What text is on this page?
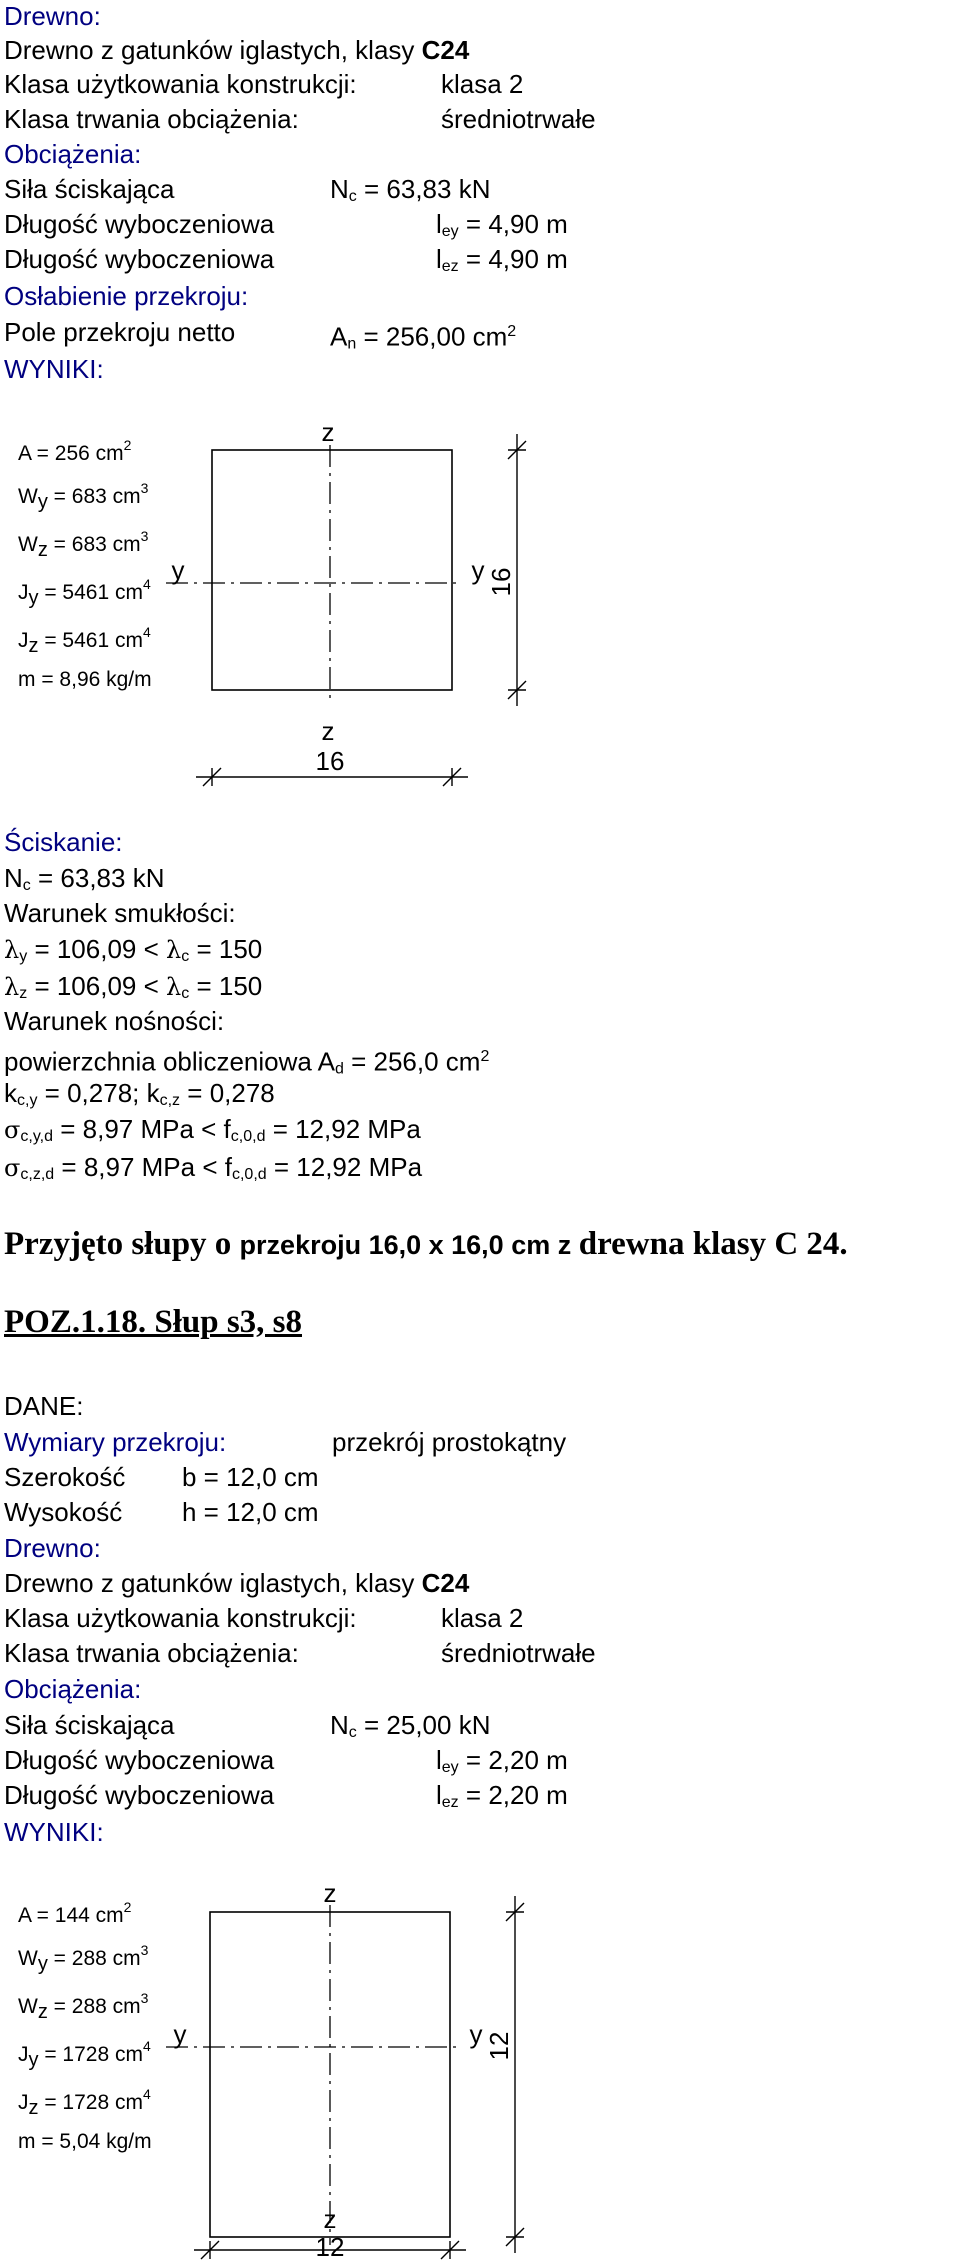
Drewno:
Drewno z gatunków iglastych, klasy C24
Klasa użytkowania konstrukcji:	klasa 2
Klasa trwania obciążenia:	średniotrwałe
Obciążenia:
Siła ściskająca	Nc = 63,83 kN
Długość wyboczeniowa	ley = 4,90 m
Długość wyboczeniowa	lez = 4,90 m
Osłabienie przekroju:
Pole przekroju netto	An = 256,00 $cm^2$
WYNIKI:
A = 256 $cm^2$
Wy = 683 $cm^3$
Wz = 683 $cm^3$
Jy = 5461 $cm^4$
Jz = 5461 $cm^4$
m = 8,96 kg/m
z
z
y	y
16
16
Ściskanie:
Nc = 63,83 kN
Warunek smukłości:
λy = 106,09 < λc = 150
λz = 106,09 < λc = 150
Warunek nośności:
powierzchnia obliczeniowa Ad = 256,0 $cm^2$
kc,y = 0,278; kc,z = 0,278
σc,y,d = 8,97 MPa < fc,0,d = 12,92 MPa
σc,z,d = 8,97 MPa < fc,0,d = 12,92 MPa
Przyjęto słupy o przekroju 16,0 x 16,0 cm z drewna klasy C 24.
POZ.1.18. Słup s3, s8
DANE:
Wymiary przekroju:	przekrój prostokątny
Szerokość b = 12,0 cm
Wysokość h = 12,0 cm
Drewno:
Drewno z gatunków iglastych, klasy C24
Klasa użytkowania konstrukcji:	klasa 2
Klasa trwania obciążenia:	średniotrwałe
Obciążenia:
Siła ściskająca	Nc = 25,00 kN
Długość wyboczeniowa	ley = 2,20 m
Długość wyboczeniowa	lez = 2,20 m
WYNIKI:
A = 144 $cm^2$
Wy = 288 $cm^3$
Wz = 288 $cm^3$
Jy = 1728 $cm^4$
Jz = 1728 $cm^4$
m = 5,04 kg/m
z
z
y	y
12
12
